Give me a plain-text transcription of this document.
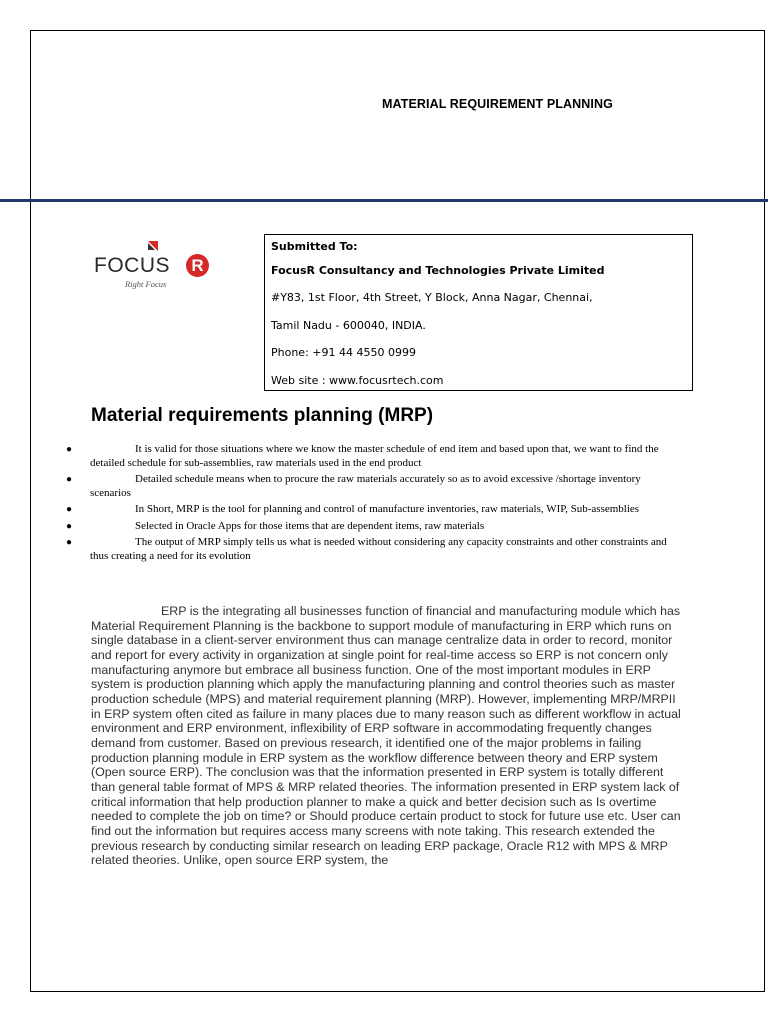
MATERIAL REQUIREMENT PLANNING
FOCUS	R
Right Focus
Submitted To:
FocusR Consultancy and Technologies Private Limited
#Y83, 1st Floor, 4th Street, Y Block, Anna Nagar, Chennai,
Tamil Nadu - 600040, INDIA.
Phone: +91 44 4550 0999
Web site : www.focusrtech.com
Material requirements planning (MRP)
●	It is valid for those situations where we know the master schedule of end item and based upon that, we want to find the detailed schedule for sub-assemblies, raw materials used in the end product
●	Detailed schedule means when to procure the raw materials accurately so as to avoid excessive /shortage inventory scenarios
●	In Short, MRP is the tool for planning and control of manufacture inventories, raw materials, WIP, Sub-assemblies
●	Selected in Oracle Apps for those items that are dependent items, raw materials
●	The output of MRP simply tells us what is needed without considering any capacity constraints and other constraints and thus creating a need for its evolution

ERP is the integrating all businesses function of financial and manufacturing module which has Material Requirement Planning is the backbone to support module of manufacturing in ERP which runs on single database in a client-server environment thus can manage centralize data in order to record, monitor and report for every activity in organization at single point for real-time access so ERP is not concern only manufacturing anymore but embrace all business function. One of the most important modules in ERP system is production planning which apply the manufacturing planning and control theories such as master production schedule (MPS) and material requirement planning (MRP). However, implementing MRP/MRPII in ERP system often cited as failure in many places due to many reason such as different workflow in actual environment and ERP environment, inflexibility of ERP software in accommodating frequently changes demand from customer. Based on previous research, it identified one of the major problems in failing production planning module in ERP system as the workflow difference between theory and ERP system (Open source ERP). The conclusion was that the information presented in ERP system is totally different than general table format of MPS & MRP related theories. The information presented in ERP system lack of critical information that help production planner to make a quick and better decision such as Is overtime needed to complete the job on time? or Should produce certain product to stock for future use etc. User can find out the information but requires access many screens with note taking. This research extended the previous research by conducting similar research on leading ERP package, Oracle R12 with MPS & MRP related theories. Unlike, open source ERP system, the
